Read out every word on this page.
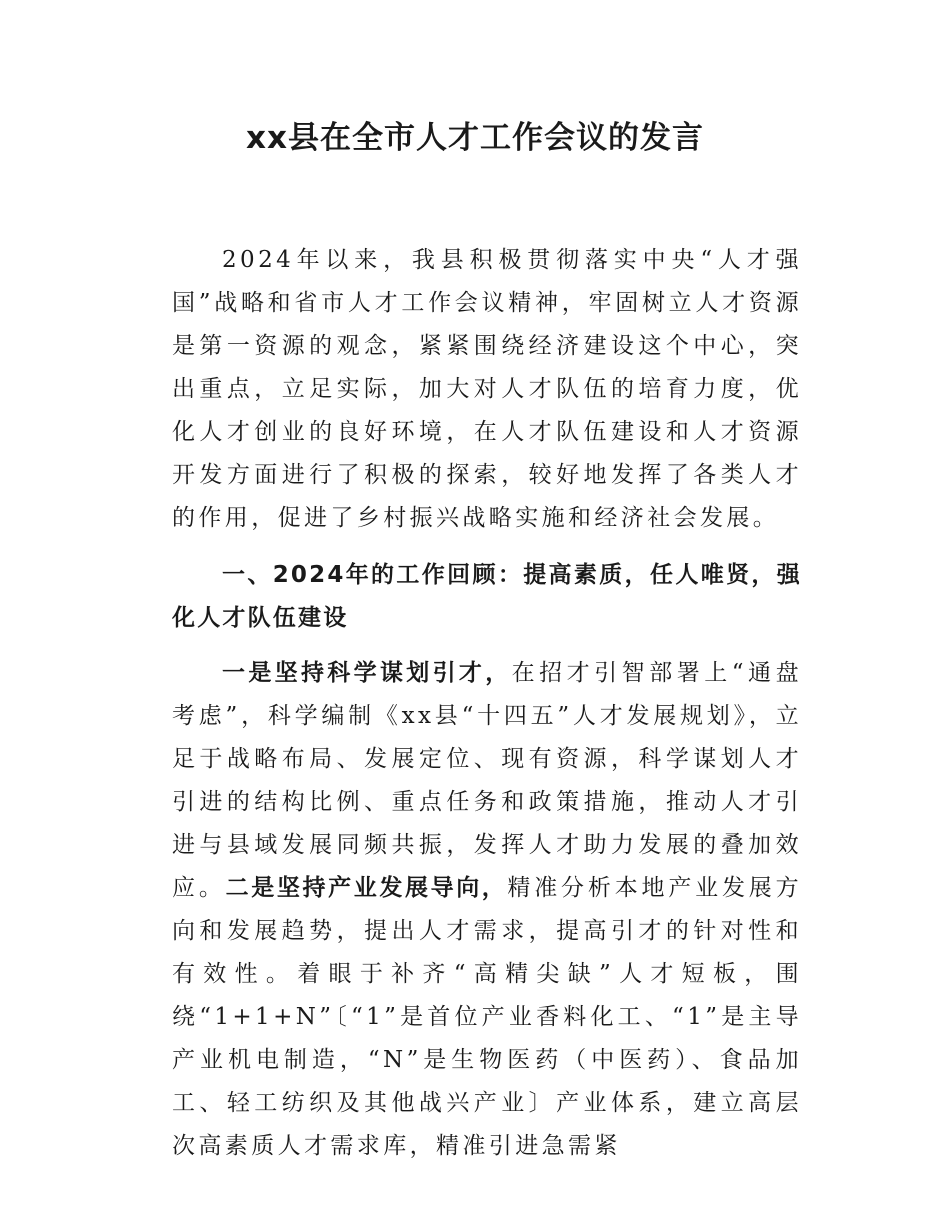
xx县在全市人才工作会议的发言

2024年以来，我县积极贯彻落实中央“人才强国”战略和省市人才工作会议精神，牢固树立人才资源是第一资源的观念，紧紧围绕经济建设这个中心，突出重点，立足实际，加大对人才队伍的培育力度，优化人才创业的良好环境，在人才队伍建设和人才资源开发方面进行了积极的探索，较好地发挥了各类人才的作用，促进了乡村振兴战略实施和经济社会发展。

一、2024年的工作回顾：提高素质，任人唯贤，强化人才队伍建设

一是坚持科学谋划引才，在招才引智部署上“通盘考虑”，科学编制《xx县“十四五”人才发展规划》，立足于战略布局、发展定位、现有资源，科学谋划人才引进的结构比例、重点任务和政策措施，推动人才引进与县域发展同频共振，发挥人才助力发展的叠加效应。二是坚持产业发展导向，精准分析本地产业发展方向和发展趋势，提出人才需求，提高引才的针对性和有效性。着眼于补齐“高精尖缺”人才短板，围绕“1+1+N”〔“1”是首位产业香料化工、“1”是主导产业机电制造，“N”是生物医药（中医药）、食品加工、轻工纺织及其他战兴产业〕产业体系，建立高层次高素质人才需求库，精准引进急需紧
